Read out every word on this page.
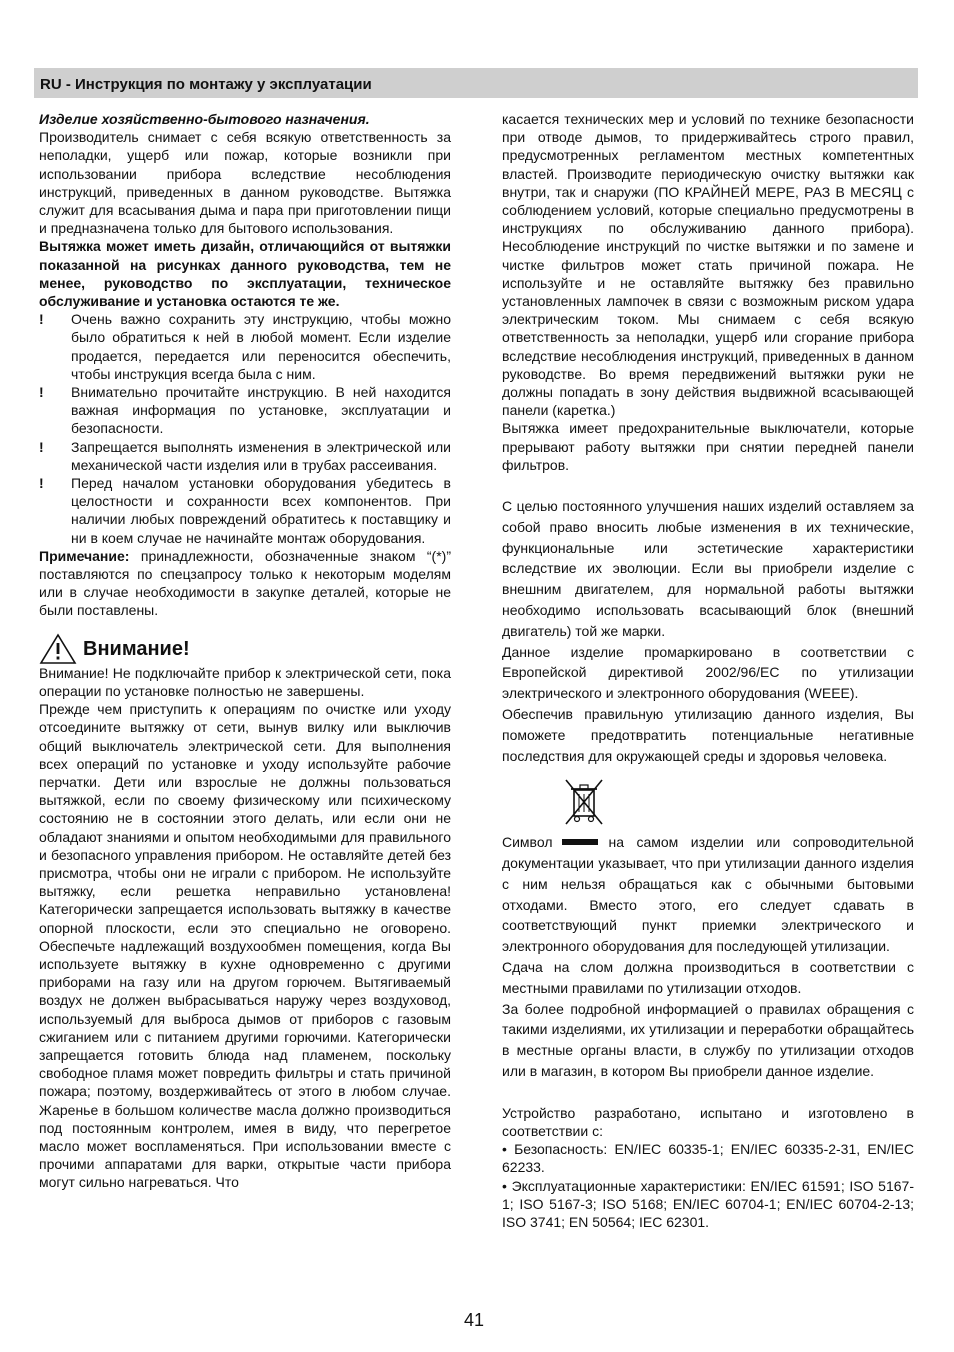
RU - Инструкция по монтажу у эксплуатации

Изделие хозяйственно-бытового назначения.

Производитель снимает с себя всякую ответственность за неполадки, ущерб или пожар, которые возникли при использовании прибора вследствие несоблюдения инструкций, приведенных в данном руководстве. Вытяжка служит для всасывания дыма и пара при приготовлении пищи и предназначена только для бытового использования.

Вытяжка может иметь дизайн, отличающийся от вытяжки показанной на рисунках данного руководства, тем не менее, руководство по эксплуатации, техническое обслуживание и установка остаются те же.

!	Очень важно сохранить эту инструкцию, чтобы можно было обратиться к ней в любой момент. Если изделие продается, передается или переносится обеспечить, чтобы инструкция всегда была с ним.
!	Внимательно прочитайте инструкцию. В ней находится важная информация по установке, эксплуатации и безопасности.
!	Запрещается выполнять изменения в электрической или механической части изделия или в трубах рассеивания.
!	Перед началом установки оборудования убедитесь в целостности и сохранности всех компонентов. При наличии любых повреждений обратитесь к поставщику и ни в коем случае не начинайте монтаж оборудования.

Примечание: принадлежности, обозначенные знаком “(*)” поставляются по спецзапросу только к некоторым моделям или в случае необходимости в закупке деталей, которые не были поставлены.

Внимание!

Внимание! Не подключайте прибор к электрической сети, пока операции по установке полностью не завершены.

Прежде чем приступить к операциям по очистке или уходу отсоедините вытяжку от сети, вынув вилку или выключив общий выключатель электрической сети. Для выполнения всех операций по установке и уходу используйте рабочие перчатки. Дети или взрослые не должны пользоваться вытяжкой, если по своему физическому или психическому состоянию не в состоянии этого делать, или если они не обладают знаниями и опытом необходимыми для правильного и безопасного управления прибором. Не оставляйте детей без присмотра, чтобы они не играли с прибором. Не используйте вытяжку, если решетка неправильно установлена! Категорически запрещается использовать вытяжку в качестве опорной плоскости, если это специально не оговорено. Обеспечьте надлежащий воздухообмен помещения, когда Вы используете вытяжку в кухне одновременно с другими приборами на газу или на другом горючем. Вытягиваемый воздух не должен выбрасываться наружу через воздуховод, используемый для выброса дымов от приборов с газовым сжиганием или с питанием другими горючими. Категорически запрещается готовить блюда над пламенем, поскольку свободное пламя может повредить фильтры и стать причиной пожара; поэтому, воздерживайтесь от этого в любом случае. Жаренье в большом количестве масла должно производиться под постоянным контролем, имея в виду, что перегретое масло может воспламеняться. При использовании вместе с прочими аппаратами для варки, открытые части прибора могут сильно нагреваться. Что

касается технических мер и условий по технике безопасности при отводе дымов, то придерживайтесь строго правил, предусмотренных регламентом местных компетентных властей. Производите периодическую очистку вытяжки как внутри, так и снаружи (ПО КРАЙНЕЙ МЕРЕ, РАЗ В МЕСЯЦ с соблюдением условий, которые специально предусмотрены в инструкциях по обслуживанию данного прибора). Несоблюдение инструкций по чистке вытяжки и по замене и чистке фильтров может стать причиной пожара. Не используйте и не оставляйте вытяжку без правильно установленных лампочек в связи с возможным риском удара электрическим током. Мы снимаем с себя всякую ответственность за неполадки, ущерб или сгорание прибора вследствие несоблюдения инструкций, приведенных в данном руководстве. Во время передвижений вытяжки руки не должны попадать в зону действия выдвижной всасывающей панели (каретка.)

Вытяжка имеет предохранительные выключатели, которые прерывают работу вытяжки при снятии передней панели фильтров.

С целью постоянного улучшения наших изделий оставляем за собой право вносить любые изменения в их технические, функциональные или эстетические характеристики вследствие их эволюции. Если вы приобрели изделие с внешним двигателем, для нормальной работы вытяжки необходимо использовать всасывающий блок (внешний двигатель) той же марки.

Данное изделие промаркировано в соответствии с Европейской директивой 2002/96/ЕС по утилизации электрического и электронного оборудования (WEEE).

Обеспечив правильную утилизацию данного изделия, Вы поможете предотвратить потенциальные негативные последствия для окружающей среды и здоровья человека.

Символ	на самом изделии или сопроводительной документации указывает, что при утилизации данного изделия с ним нельзя обращаться как с обычными бытовыми отходами. Вместо этого, его следует сдавать в соответствующий пункт приемки электрического и электронного оборудования для последующей утилизации.

Сдача на слом должна производиться в соответствии с местными правилами по утилизации отходов.

За более подробной информацией о правилах обращения с такими изделиями, их утилизации и переработки обращайтесь в местные органы власти, в службу по утилизации отходов или в магазин, в котором Вы приобрели данное изделие.

Устройство разработано, испытано и изготовлено в соответствии с:

• Безопасность: EN/IEC 60335-1; EN/IEC 60335-2-31, EN/IEC 62233.

• Эксплуатационные характеристики: EN/IEC 61591; ISO 5167-1; ISO 5167-3; ISO 5168; EN/IEC 60704-1; EN/IEC 60704-2-13; ISO 3741; EN 50564; IEC 62301.

41
